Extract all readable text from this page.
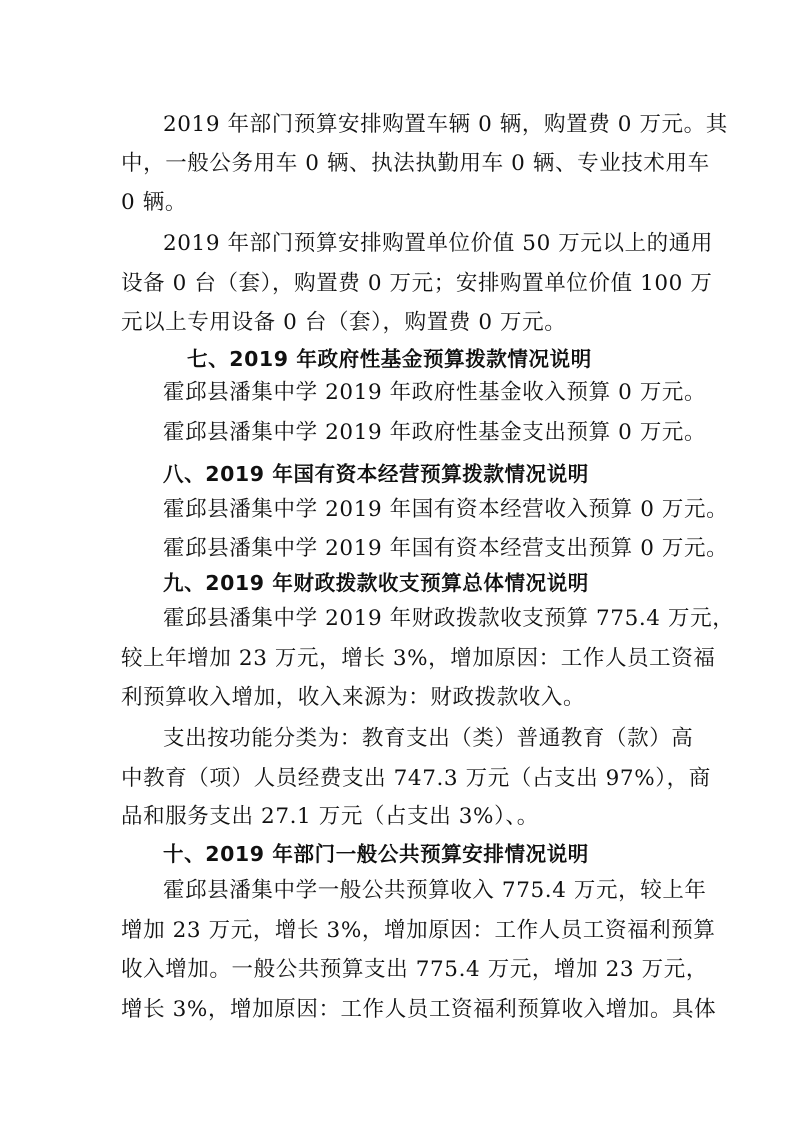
2019 年部门预算安排购置车辆 0 辆，购置费 0 万元。其
中，一般公务用车 0 辆、执法执勤用车 0 辆、专业技术用车
0 辆。
2019 年部门预算安排购置单位价值 50 万元以上的通用
设备 0 台（套），购置费 0 万元；安排购置单位价值 100 万
元以上专用设备 0 台（套），购置费 0 万元。
七、2019 年政府性基金预算拨款情况说明
霍邱县潘集中学 2019 年政府性基金收入预算 0 万元。
霍邱县潘集中学 2019 年政府性基金支出预算 0 万元。
八、2019 年国有资本经营预算拨款情况说明
霍邱县潘集中学 2019 年国有资本经营收入预算 0 万元。
霍邱县潘集中学 2019 年国有资本经营支出预算 0 万元。
九、2019 年财政拨款收支预算总体情况说明
霍邱县潘集中学 2019 年财政拨款收支预算 775.4 万元，
较上年增加 23 万元，增长 3%，增加原因：工作人员工资福
利预算收入增加，收入来源为：财政拨款收入。
支出按功能分类为：教育支出（类）普通教育（款）高
中教育（项）人员经费支出 747.3 万元（占支出 97%），商
品和服务支出 27.1 万元（占支出 3%）、。
十、2019 年部门一般公共预算安排情况说明
霍邱县潘集中学一般公共预算收入 775.4 万元，较上年
增加 23 万元，增长 3%，增加原因：工作人员工资福利预算
收入增加。一般公共预算支出 775.4 万元，增加 23 万元，
增长 3%，增加原因：工作人员工资福利预算收入增加。具体
